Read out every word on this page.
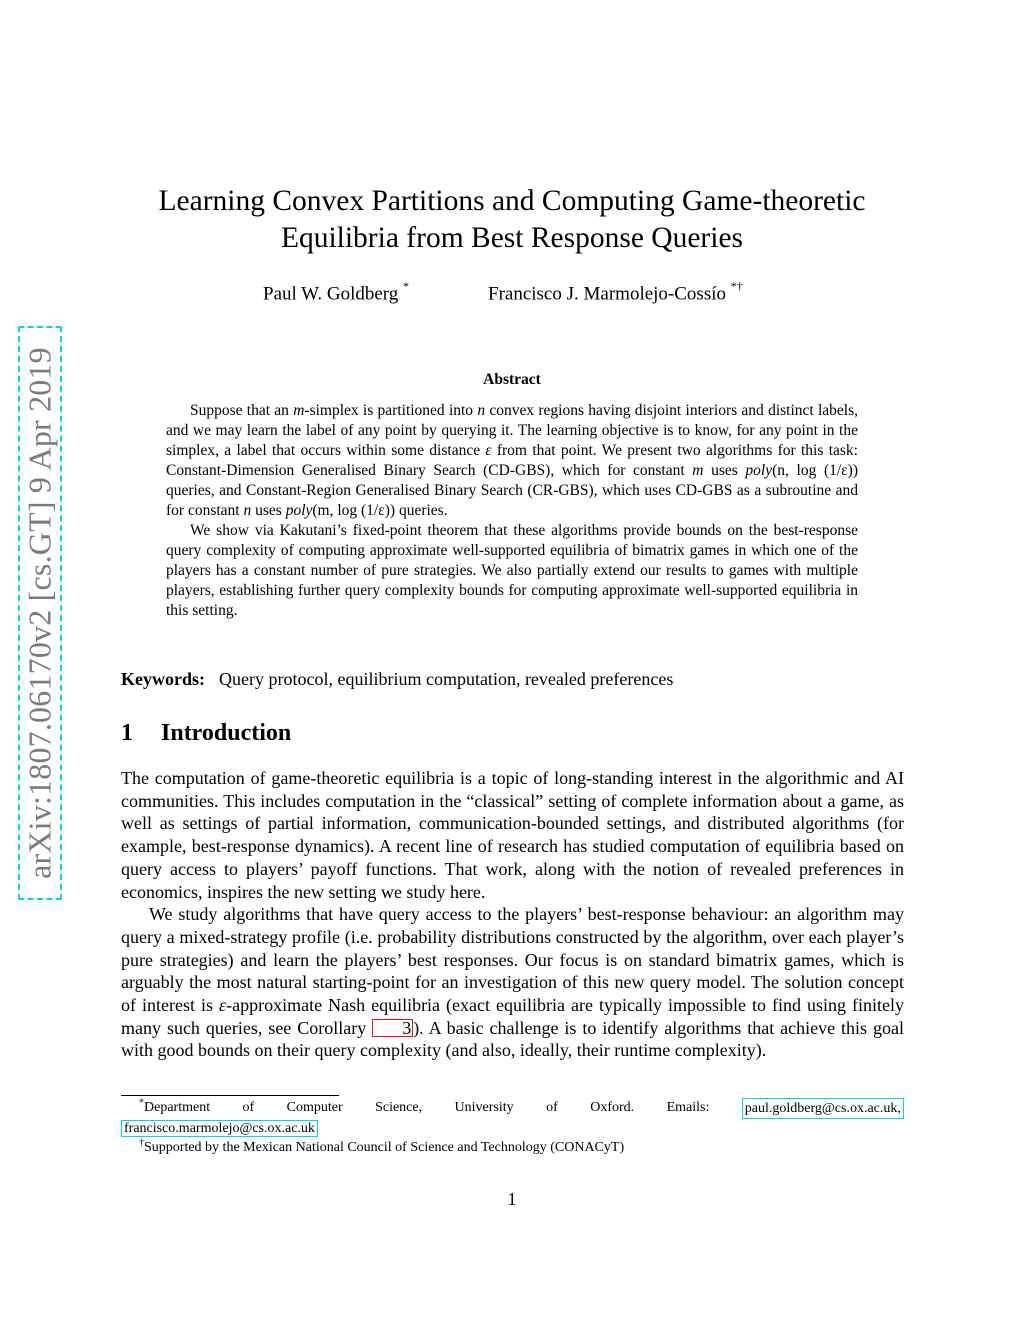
arXiv:1807.06170v2 [cs.GT] 9 Apr 2019
Learning Convex Partitions and Computing Game-theoretic
Equilibria from Best Response Queries
Paul W. Goldberg *	Francisco J. Marmolejo-Cossío *†
Abstract

Suppose that an m-simplex is partitioned into n convex regions having disjoint interiors and distinct labels, and we may learn the label of any point by querying it. The learning objective is to know, for any point in the simplex, a label that occurs within some distance ε from that point. We present two algorithms for this task: Constant-Dimension Generalised Binary Search (CD-GBS), which for constant m uses poly(n, log (1/ε)) queries, and Constant-Region Generalised Binary Search (CR-GBS), which uses CD-GBS as a subroutine and for constant n uses poly(m, log (1/ε)) queries.

We show via Kakutani’s fixed-point theorem that these algorithms provide bounds on the best-response query complexity of computing approximate well-supported equilibria of bimatrix games in which one of the players has a constant number of pure strategies. We also partially extend our results to games with multiple players, establishing further query complexity bounds for computing approximate well-supported equilibria in this setting.

Keywords: Query protocol, equilibrium computation, revealed preferences
1 Introduction

The computation of game-theoretic equilibria is a topic of long-standing interest in the algorithmic and AI communities. This includes computation in the “classical” setting of complete information about a game, as well as settings of partial information, communication-bounded settings, and distributed algorithms (for example, best-response dynamics). A recent line of research has studied computation of equilibria based on query access to players’ payoff functions. That work, along with the notion of revealed preferences in economics, inspires the new setting we study here.

We study algorithms that have query access to the players’ best-response behaviour: an algorithm may query a mixed-strategy profile (i.e. probability distributions constructed by the algorithm, over each player’s pure strategies) and learn the players’ best responses. Our focus is on standard bimatrix games, which is arguably the most natural starting-point for an investigation of this new query model. The solution concept of interest is ε-approximate Nash equilibria (exact equilibria are typically impossible to find using finitely many such queries, see Corollary 3 ). A basic challenge is to identify algorithms that achieve this goal with good bounds on their query complexity (and also, ideally, their runtime complexity).

*Department of Computer Science, University of Oxford. Emails:	paul.goldberg@cs.ox.ac.uk,
francisco.marmolejo@cs.ox.ac.uk
†Supported by the Mexican National Council of Science and Technology (CONACyT)
1
